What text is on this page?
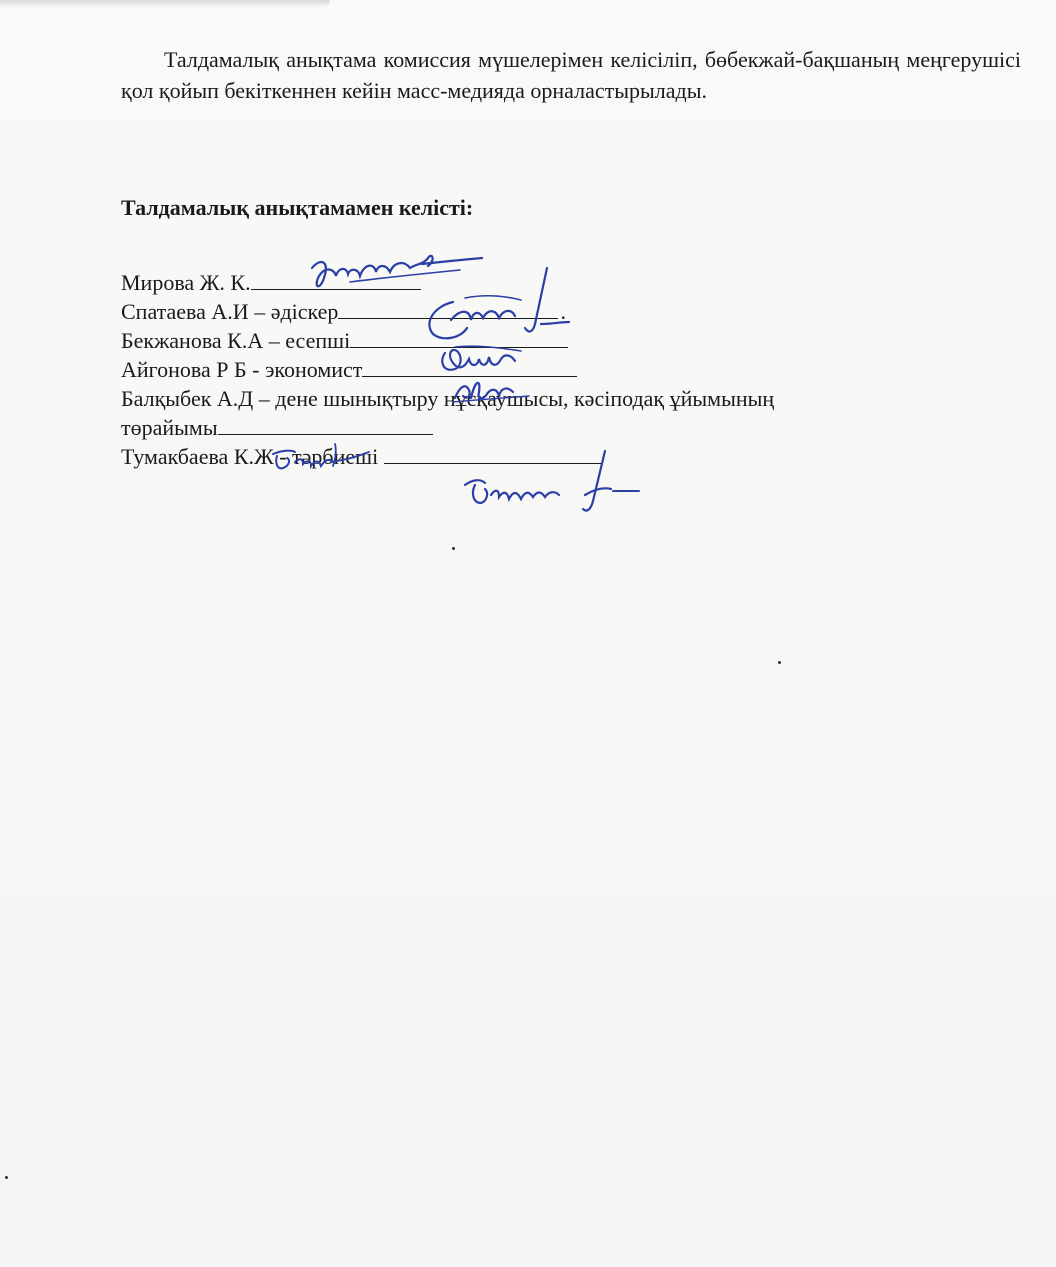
Талдамалық анықтама комиссия мүшелерімен келісіліп, бөбекжай-бақшаның меңгерушісі қол қойып бекіткеннен кейін масс-медияда орналастырылады.

Талдамалық анықтамамен келісті:

Мирова Ж. К.
Спатаева А.И – әдіскер	.
Бекжанова К.А – есепші
Айгонова Р Б - экономист
Балқыбек А.Д – дене шынықтыру нұсқаушысы, кәсіподақ ұйымының
төрайымы
Тумакбаева К.Ж - тәрбиеші
